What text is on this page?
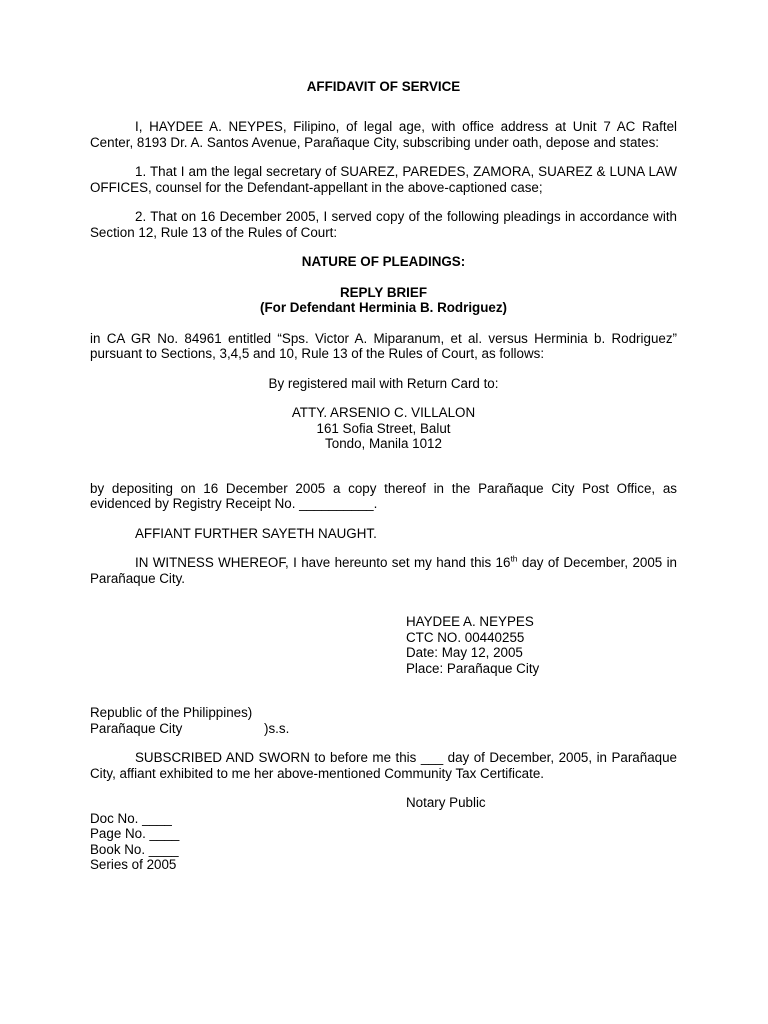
AFFIDAVIT OF SERVICE

I, HAYDEE A. NEYPES, Filipino, of legal age, with office address at Unit 7 AC Raftel Center, 8193 Dr. A. Santos Avenue, Parañaque City, subscribing under oath, depose and states:

1. That I am the legal secretary of SUAREZ, PAREDES, ZAMORA, SUAREZ & LUNA LAW OFFICES, counsel for the Defendant-appellant in the above-captioned case;

2. That on 16 December 2005, I served copy of the following pleadings in accordance with Section 12, Rule 13 of the Rules of Court:

NATURE OF PLEADINGS:
REPLY BRIEF
(For Defendant Herminia B. Rodriguez)

in CA GR No. 84961 entitled “Sps. Victor A. Miparanum, et al. versus Herminia b. Rodriguez” pursuant to Sections, 3,4,5 and 10, Rule 13 of the Rules of Court, as follows:

By registered mail with Return Card to:
ATTY. ARSENIO C. VILLALON
161 Sofia Street, Balut
Tondo, Manila 1012

by depositing on 16 December 2005 a copy thereof in the Parañaque City Post Office, as evidenced by Registry Receipt No. __________.

AFFIANT FURTHER SAYETH NAUGHT.

IN WITNESS WHEREOF, I have hereunto set my hand this 16th day of December, 2005 in Parañaque City.

HAYDEE A. NEYPES
CTC NO. 00440255
Date: May 12, 2005
Place: Parañaque City
Republic of the Philippines)
Parañaque City	)s.s.

SUBSCRIBED AND SWORN to before me this ___ day of December, 2005, in Parañaque City, affiant exhibited to me her above-mentioned Community Tax Certificate.

Notary Public
Doc No. ____
Page No. ____
Book No. ____
Series of 2005
